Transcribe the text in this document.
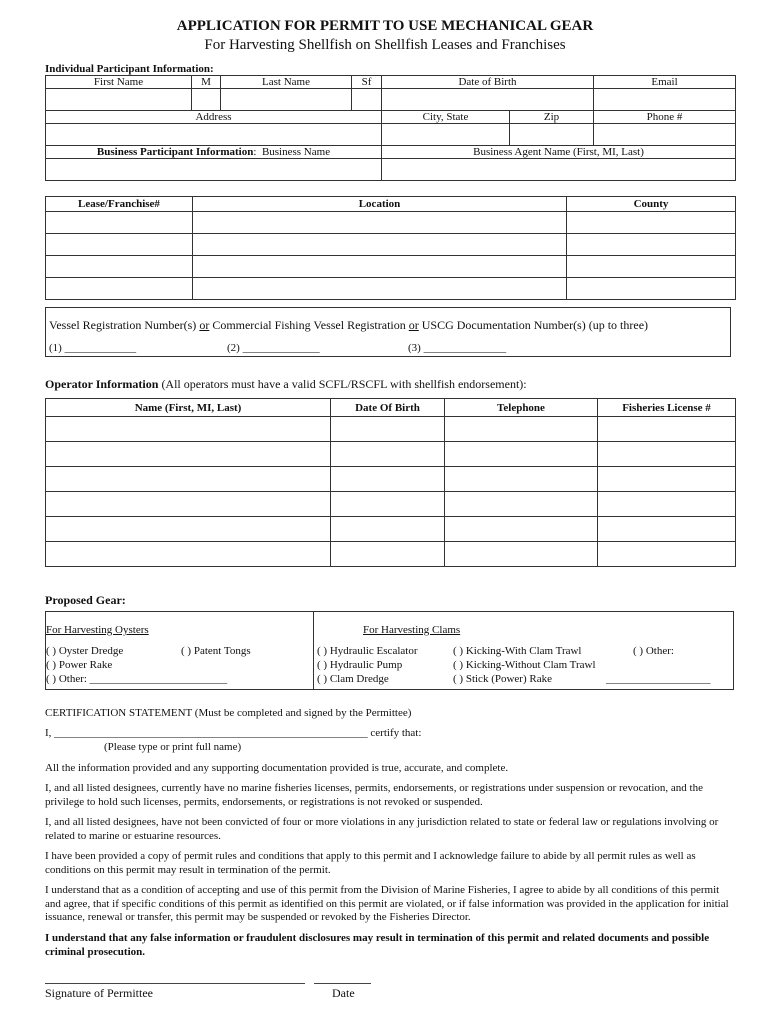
APPLICATION FOR PERMIT TO USE MECHANICAL GEAR
For Harvesting Shellfish on Shellfish Leases and Franchises
Individual Participant Information:
First Name	M	Last Name	Sf	Date of Birth		Email

Address				City, State	Zip	Phone #

Business Participant Information: Business Name				Business Agent Name (First, MI, Last)		

Lease/Franchise#	Location	County

Vessel Registration Number(s) or Commercial Fishing Vessel Registration or USCG Documentation Number(s) (up to three)
(1) _____________	(2) ______________	(3) _______________
Operator Information (All operators must have a valid SCFL/RSCFL with shellfish endorsement):
Name (First, MI, Last)	Date Of Birth	Telephone	Fisheries License #

Proposed Gear:
For Harvesting Oysters
( ) Oyster Dredge	( ) Patent Tongs
( ) Power Rake
( ) Other: _________________________
For Harvesting Clams
( ) Hydraulic Escalator
( ) Hydraulic Pump
( ) Clam Dredge
( ) Kicking-With Clam Trawl
( ) Kicking-Without Clam Trawl
( ) Stick (Power) Rake
( ) Other:
___________________
CERTIFICATION STATEMENT (Must be completed and signed by the Permittee)
I, _________________________________________________________ certify that:
(Please type or print full name)
All the information provided and any supporting documentation provided is true, accurate, and complete.
I, and all listed designees, currently have no marine fisheries licenses, permits, endorsements, or registrations under suspension or revocation, and the privilege to hold such licenses, permits, endorsements, or registrations is not revoked or suspended.
I, and all listed designees, have not been convicted of four or more violations in any jurisdiction related to state or federal law or regulations involving or related to marine or estuarine resources.
I have been provided a copy of permit rules and conditions that apply to this permit and I acknowledge failure to abide by all permit rules as well as conditions on this permit may result in termination of the permit.
I understand that as a condition of accepting and use of this permit from the Division of Marine Fisheries, I agree to abide by all conditions of this permit and agree, that if specific conditions of this permit as identified on this permit are violated, or if false information was provided in the application for initial issuance, renewal or transfer, this permit may be suspended or revoked by the Fisheries Director.
I understand that any false information or fraudulent disclosures may result in termination of this permit and related documents and possible criminal prosecution.
Signature of Permittee	Date
